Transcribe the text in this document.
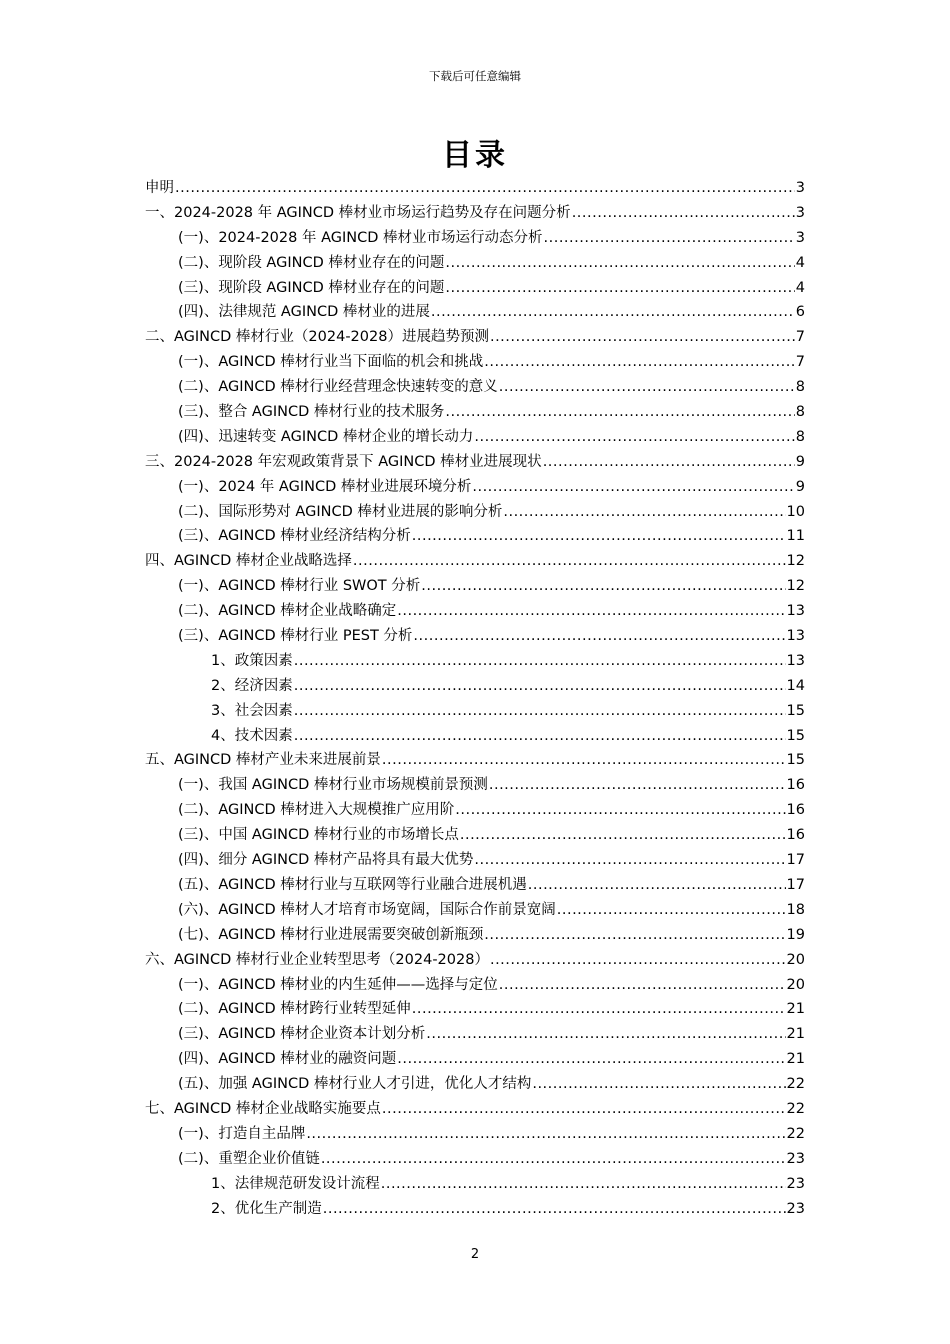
下载后可任意编辑
目录
申明 .....	3
一、2024-2028 年 AGINCD 棒材业市场运行趋势及存在问题分析 .....	3
(一)、2024-2028 年 AGINCD 棒材业市场运行动态分析 .....	3
(二)、现阶段 AGINCD 棒材业存在的问题 .....	4
(三)、现阶段 AGINCD 棒材业存在的问题 .....	4
(四)、法律规范 AGINCD 棒材业的进展 .....	6
二、AGINCD 棒材行业（2024-2028）进展趋势预测 .....	7
(一)、AGINCD 棒材行业当下面临的机会和挑战 .....	7
(二)、AGINCD 棒材行业经营理念快速转变的意义 .....	8
(三)、整合 AGINCD 棒材行业的技术服务 .....	8
(四)、迅速转变 AGINCD 棒材企业的增长动力 .....	8
三、2024-2028 年宏观政策背景下 AGINCD 棒材业进展现状 .....	9
(一)、2024 年 AGINCD 棒材业进展环境分析 .....	9
(二)、国际形势对 AGINCD 棒材业进展的影响分析 .....	10
(三)、AGINCD 棒材业经济结构分析 .....	11
四、AGINCD 棒材企业战略选择 .....	12
(一)、AGINCD 棒材行业 SWOT 分析 .....	12
(二)、AGINCD 棒材企业战略确定 .....	13
(三)、AGINCD 棒材行业 PEST 分析 .....	13
1、政策因素 .....	13
2、经济因素 .....	14
3、社会因素 .....	15
4、技术因素 .....	15
五、AGINCD 棒材产业未来进展前景 .....	15
(一)、我国 AGINCD 棒材行业市场规模前景预测 .....	16
(二)、AGINCD 棒材进入大规模推广应用阶 .....	16
(三)、中国 AGINCD 棒材行业的市场增长点 .....	16
(四)、细分 AGINCD 棒材产品将具有最大优势 .....	17
(五)、AGINCD 棒材行业与互联网等行业融合进展机遇 .....	17
(六)、AGINCD 棒材人才培育市场宽阔，国际合作前景宽阔 .....	18
(七)、AGINCD 棒材行业进展需要突破创新瓶颈 .....	19
六、AGINCD 棒材行业企业转型思考（2024-2028） .....	20
(一)、AGINCD 棒材业的内生延伸——选择与定位 .....	20
(二)、AGINCD 棒材跨行业转型延伸 .....	21
(三)、AGINCD 棒材企业资本计划分析 .....	21
(四)、AGINCD 棒材业的融资问题 .....	21
(五)、加强 AGINCD 棒材行业人才引进，优化人才结构 .....	22
七、AGINCD 棒材企业战略实施要点 .....	22
(一)、打造自主品牌 .....	22
(二)、重塑企业价值链 .....	23
1、法律规范研发设计流程 .....	23
2、优化生产制造 .....	23
2
